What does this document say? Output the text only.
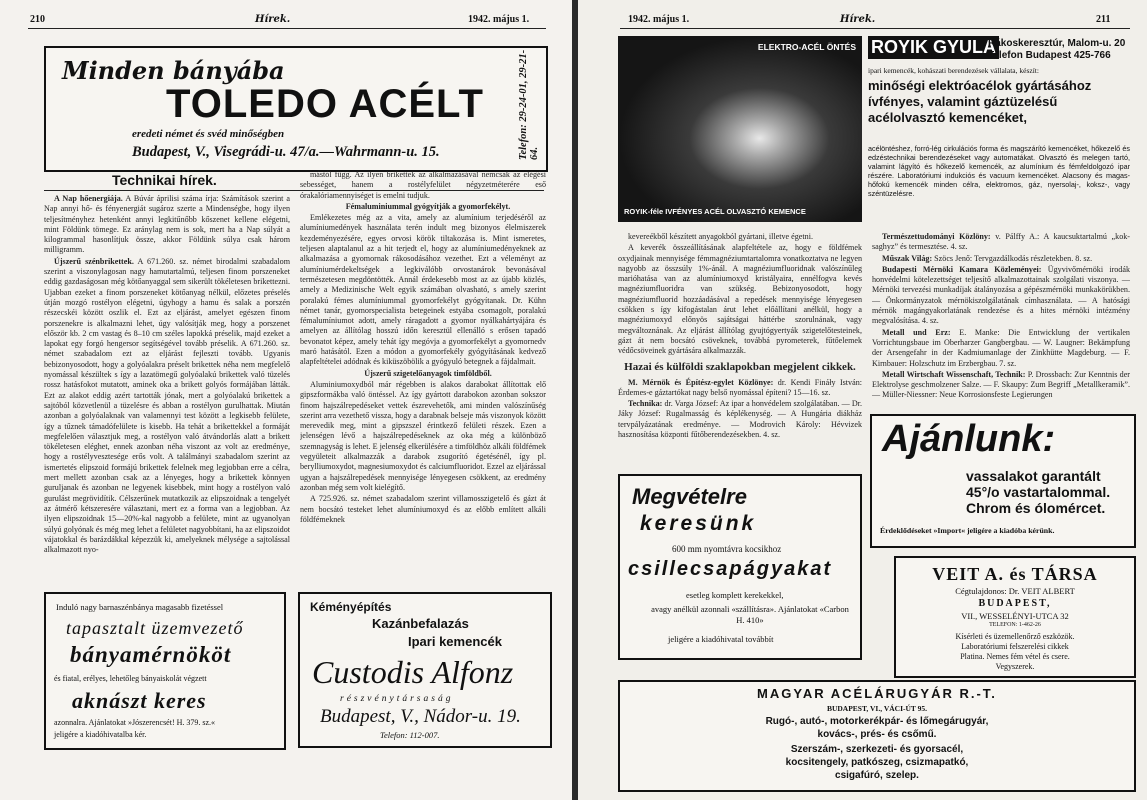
210	Hírek.	1942. május 1.
Minden bányába
TOLEDO ACÉLT
eredeti német és svéd minőségben
Budapest, V., Visegrádi-u. 47/a.—Wahrmann-u. 15.	Telefon: 29-24-01, 29-21-64.
Technikai hírek.

A Nap hőenergiája. A Búvár áprilisi száma írja: Számítások szerint a Nap annyi hő- és fényenergiát sugároz szerte a Mindenségbe, hogy ilyen teljesítményhez hetenként annyi legkitűnőbb kőszenet kellene elégetni, mint Földünk tömege. Ez aránylag nem is sok, mert ha a Nap súlyát a kilogrammal hasonlítjuk össze, akkor Földünk súlya csak három milligramm.

Újszerű szénbrikettek. A 671.260. sz. német birodalmi szabadalom szerint a viszonylagosan nagy hamutartalmú, teljesen finom porszeneket eddig gazdaságosan még kötőanyaggal sem sikerült tökéletesen brikettezni. Ujabban ezeket a finom porszeneket kötőanyag nélkül, előzetes préselés útján mozgó rostélyon elégetni, úgyhogy a hamu és salak a porszén részecskéi között oszlik el. Ezt az eljárást, amelyet egészen finom porszenekre is alkalmazni lehet, úgy valósítják meg, hogy a porszenet először kb. 2 cm vastag és 8–10 cm széles lapokká préselik, majd ezeket a lapokat egy forgó hengersor segítségével tovább préselik. A 671.260. sz. német szabadalom ezt az eljárást fejleszti tovább. Ugyanis bebizonyosodott, hogy a golyóalakra préselt brikettek néha nem megfelelő nyomással készültek s így a lazatömegű golyóalakú brikettek való tüzelés rossz hatásfokot mutatott, aminek oka a brikett golyós formájában látták. Ezt az alakot eddig azért tartották jónak, mert a golyóalakú brikettek a sajtóból közvetlenül a tüzelésre és abban a rostélyon gurulhattak. Miután azonban a golyóalaknak van valamennyi test között a legkisebb felülete, így a tűznek támadófelülete is kisebb. Ha tehát a brikettekkel a formáját megfelelően választjuk meg, a rostélyon való átvándorlás alatt a brikett tökéletesen eléghet, ennek azonban néha viszont az volt az eredménye, hogy a rostélyvesztesége erős volt. A találmányi szabadalom szerint az ismertetés elipszoid formájú brikettek felelnek meg legjobban erre a célra, mert mellett azonban csak az a lényeges, hogy a brikettek könnyen guruljanak és azonban ne legyenek kisebbek, mint hogy a rostélyon való gurulást megrövidítik. Célszerűnek mutatkozik az elipszoidnak a tengelyét az átmérő kétszeresére választani, mert ez a forma van a legjobban. Az ilyen elipszoidnak 15—20%-kal nagyobb a felülete, mint az ugyanolyan súlyú golyónak és még meg lehet a felületet nagyobbítani, ha az elipszoidot vájatokkal és barázdákkal képezzük ki, amelyeknek mélysége a sajtolással alkalmazott nyo-

mástól függ. Az ilyen brikettek az alkalmazásával nemcsak az elégési sebességet, hanem a rostélyfelület négyzetméterére eső órakalóriamennyiséget is emelni tudjuk.

Fémaluminiummal gyógyítják a gyomorfekélyt.

Emlékezetes még az a vita, amely az alumínium terjedéséről az alumíniumedények használata terén indult meg bizonyos élelmiszerek kezdeményezésére, egyes orvosi körök tiltakozása is. Mint ismeretes, teljesen alaptalanul az a hit terjedt el, hogy az alumíniumedényeknek az alkalmazása a gyomornak rákosodásához vezethet. Ezt a véleményt az alumíniumérdekeltségek a legkiválóbb orvostanárok bevonásával természetesen megdöntötték. Annál érdekesebb most az az újabb közlés, amely a Medizinische Welt egyik számában olvasható, s amely szerint poralakú fémes alumíniummal gyomorfekélyt gyógyítanak. Dr. Kühn német tanár, gyomorspecialista betegeinek estyába csomagolt, poralakú fémalumíniumot adott, amely ráragadott a gyomor nyálkahártyájára és amelyen az állítólag hosszú időn keresztül ellenálló s erősen tapadó bevonatot képez, amely tehát így megóvja a gyomorfekélyt a gyomornedv maró hatásától. Ezen a módon a gyomorfekély gyógyításának kedvező alapfeltételei adódnak és kiküszöbölik a gyógyuló betegnek a fájdalmait.

Újszerű szigetelőanyagok timföldből.

Aluminiumoxydból már régebben is alakos darabokat állítottak elő gipszformákba való öntéssel. Az így gyártott darabokon azonban sokszor finom hajszálrepedéseket vettek észrevehetők, ami minden valószínűség szerint arra vezethető vissza, hogy a darabnak belseje más viszonyok között merevedik meg, mint a gipszszel érintkező felületi részek. Ezen a jelenségen lévő a hajszálrepedéseknek az oka még a különböző szemnagyság is lehet. E jelenség elkerülésére a timföldhöz alkáli földfémek vegyületeit alkalmazzák a darabok zsugorító égetésénél, így pl. berylliumoxydot, magnesiumoxydot és calciumfluoridot. Ezzel az eljárással ugyan a hajszálrepedések mennyisége lényegesen csökkent, az eredmény azonban még sem volt kielégítő.

A 725.926. sz. német szabadalom szerint villamosszigetelő és gázt át nem bocsátó testeket lehet alumíniumoxyd és az előbb említett alkáli földfémeknek

Induló nagy barnaszénbánya magasabb fizetéssel
tapasztalt üzemvezető
bányamérnököt
és fiatal, erélyes, lehetőleg bányaiskolát végzett
aknászt keres
azonnalra. Ajánlatokat »Jószerencsét! H. 379. sz.«
jeligére a kiadóhivatalba kér.
Kéményépítés
Kazánbefalazás
Ipari kemencék
Custodis Alfonz
részvénytársaság
Budapest, V., Nádor-u. 19.
Telefon: 112-007.
1942. május 1.	Hírek.	211
ELEKTRO-ACÉL ÖNTÉS
ROYIK-féle IVFÉNYES ACÉL OLVASZTÓ KEMENCE
ROYIK GYULA
Rákoskeresztúr, Malom-u. 20
Telefon Budapest 425-766
ipari kemencék, kohászati berendezések vállalata, készít:
minőségi elektróacélok gyártásához ívfényes, valamint gáztüzelésű acélolvasztó kemencéket,
acélöntéshez, forró-lég cirkulációs forma és magszárító kemencéket, hőkezelő és edzéstechnikai berendezéseket vagy automatákat. Olvasztó és melegen tartó, valamint lágyító és hőkezelő kemencék, az alumínium és fémfeldolgozó ipar részére. Laboratóriumi indukciós és vacuum kemencéket. Alacsony és magas-hőfokú kemencék minden célra, elektromos, gáz, nyersolaj-, koksz-, vagy széntüzelésre.

kevereékből készített anyagokból gyártani, illetve égetni.

A keverék összeállításának alapfeltétele az, hogy e földfémek oxydjainak mennyisége fémmagnéziumtartalomra vonatkoztatva ne legyen nagyobb az összsúly 1%-ánál. A magnéziumfluoridnak valószínűleg marióhatása van az alumíniumoxyd kristályaira, ennélfogva kevés magnéziumfluoridra van szükség. Bebizonyosodott, hogy magnéziumfluorid hozzáadásával a repedések mennyisége lényegesen csökken s így kifogástalan árut lehet előállítani anélkül, hogy a magnéziumoxyd előnyös sajátságai háttérbe szorulnának, vagy megváltoznának. Az eljárást állítólag gyujtógyertyák szigetelőtesteinek, gázt át nem bocsátó csöveknek, továbbá pyrometerek, fűtőelemek védőcsöveinek gyártására alkalmazzák.

Hazai és külföldi szaklapokban megjelent cikkek.

M. Mérnök és Építész-egylet Közlönye: dr. Kendi Fináły István: Érdemes-e gáztartókat nagy belső nyomással építeni? 15—16. sz.

Technika: dr. Varga József: Az ipar a honvédelem szolgálatában. — Dr. Jáky József: Rugalmasság és képlékenység. — A Hungária diákház tervpályázatának eredménye. — Modrovich Károly: Hévvizek hasznosítása központi fűtőberendezésekben. 4. sz.

Természettudományi Közlöny: v. Pálffy A.: A kaucsuktartalmú „kok-saghyz” és termesztése. 4. sz.

Műszak Világ: Szöcs Jenő: Tervgazdálkodás részletekben. 8. sz.

Budapesti Mérnöki Kamara Közleményei: Ügyvivőmérnöki irodák honvédelmi kötelezettséget teljesítő alkalmazottainak szolgálati viszonya. — Mérnöki tervezési munkadíjak átalányozása a gépészmérnöki munkakörükben. — Önkormányzatok mérnökiszolgálatának címhasználata. — A hatósági mérnök magángyakorlatának rendezése és a hites mérnöki intézmény megvalósítása. 4. sz.

Metall und Erz: E. Manke: Die Entwicklung der vertikalen Vorrichtungsbaue im Oberharzer Gangbergbau. — W. Laugner: Bekämpfung der Arsengefahr in der Kadmiumanlage der Zinkhütte Magdeburg. — F. Kirnbauer: Holzschutz im Erzbergbau. 7. sz.

Metall Wirtschaft Wissenschaft, Technik: P. Drossbach: Zur Kenntnis der Elektrolyse geschmolzener Salze. — F. Skaupy: Zum Begriff „Metallkeramik”. — Müller-Niessner: Neue Korrosionsfeste Legierungen

Megvételre
keresünk
600 mm nyomtávra kocsikhoz
csillecsapágyakat
esetleg komplett kerekekkel,
avagy anélkül azonnali «szállításra». Ajánlatokat «Carbon H. 410»
jeligére a kiadóhivatal továbbít
Ajánlunk:
vassalakot garantált
45°/o vastartalommal.
Chrom és ólomércet.
Érdeklődéseket »Import« jeligére a kiadóba kérünk.
VEIT A. és TÁRSA
Cégtulajdonos: Dr. VEIT ALBERT
BUDAPEST,
VII., WESSELÉNYI-UTCA 32
TELEFON: 1-462-26
Kísérleti és üzemellenőrző eszközök.
Laboratóriumi felszerelési cikkek
Platina. Nemes fém vétel és csere.
Vegyszerek.
MAGYAR ACÉLÁRUGYÁR R.-T.
BUDAPEST, VI., VÁCI-ÚT 95.
Rugó-, autó-, motorkerékpár- és lőmegárugyár,
kovács-, prés- és csőmű.
Szerszám-, szerkezeti- és gyorsacél,
kocsitengely, patkószeg, csizmapatkó,
csigafúró, szelep.
